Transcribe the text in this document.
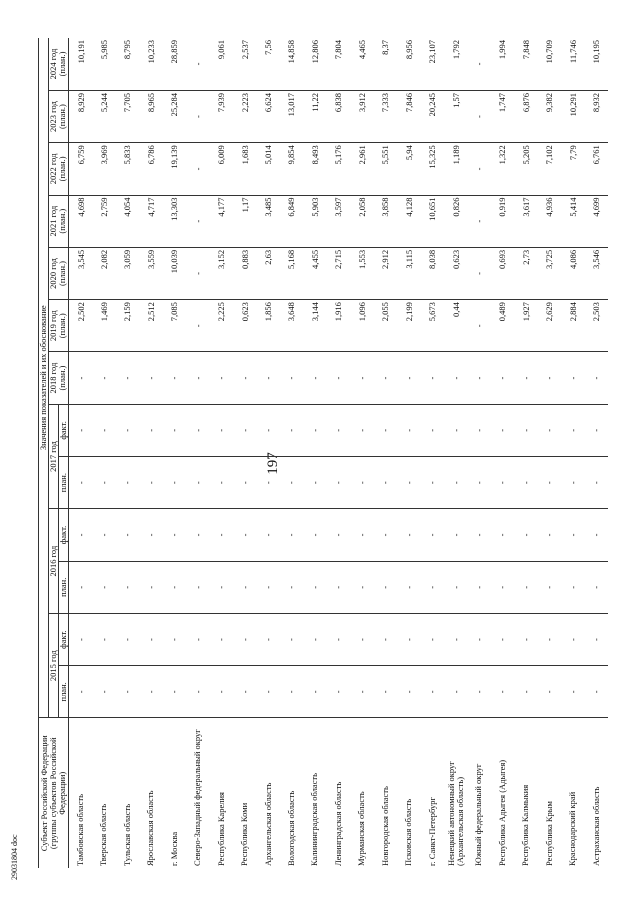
197
29031804 doc
Субъект Российской Федерации (группы субъектов Российской Федерации)	Значения показателей и их обоснование												
	2015 год		2016 год		2017 год		2018 год (план.)	2019 год (план.)	2020 год (план.)	2021 год (план.)	2022 год (план.)	2023 год (план.)	2024 год (план.)
	план.	факт.	план.	факт.	план.	факт.							
Тамбовская область	-	-	-	-	-	-	-	2,502	3,545	4,698	6,759	8,929	10,191
Тверская область	-	-	-	-	-	-	-	1,469	2,082	2,759	3,969	5,244	5,985
Тульская область	-	-	-	-	-	-	-	2,159	3,059	4,054	5,833	7,705	8,795
Ярославская область	-	-	-	-	-	-	-	2,512	3,559	4,717	6,786	8,965	10,233
г. Москва	-	-	-	-	-	-	-	7,085	10,039	13,303	19,139	25,284	28,859
Северо-Западный федеральный округ	-	-	-	-	-	-	-	-	-	-	-	-	-
Республика Карелия	-	-	-	-	-	-	-	2,225	3,152	4,177	6,009	7,939	9,061
Республика Коми	-	-	-	-	-	-	-	0,623	0,883	1,17	1,683	2,223	2,537
Архангельская область	-	-	-	-	-	-	-	1,856	2,63	3,485	5,014	6,624	7,56
Вологодская область	-	-	-	-	-	-	-	3,648	5,168	6,849	9,854	13,017	14,858
Калининградская область	-	-	-	-	-	-	-	3,144	4,455	5,903	8,493	11,22	12,806
Ленинградская область	-	-	-	-	-	-	-	1,916	2,715	3,597	5,176	6,838	7,804
Мурманская область	-	-	-	-	-	-	-	1,096	1,553	2,058	2,961	3,912	4,465
Новгородская область	-	-	-	-	-	-	-	2,055	2,912	3,858	5,551	7,333	8,37
Псковская область	-	-	-	-	-	-	-	2,199	3,115	4,128	5,94	7,846	8,956
г. Санкт-Петербург	-	-	-	-	-	-	-	5,673	8,038	10,651	15,325	20,245	23,107
Ненецкий автономный округ (Архангельская область)	-	-	-	-	-	-	-	0,44	0,623	0,826	1,189	1,57	1,792
Южный федеральный округ	-	-	-	-	-	-	-	-	-	-	-	-	-
Республика Адыгея (Адыгея)	-	-	-	-	-	-	-	0,489	0,693	0,919	1,322	1,747	1,994
Республика Калмыкия	-	-	-	-	-	-	-	1,927	2,73	3,617	5,205	6,876	7,848
Республика Крым	-	-	-	-	-	-	-	2,629	3,725	4,936	7,102	9,382	10,709
Краснодарский край	-	-	-	-	-	-	-	2,884	4,086	5,414	7,79	10,291	11,746
Астраханская область	-	-	-	-	-	-	-	2,503	3,546	4,699	6,761	8,932	10,195
